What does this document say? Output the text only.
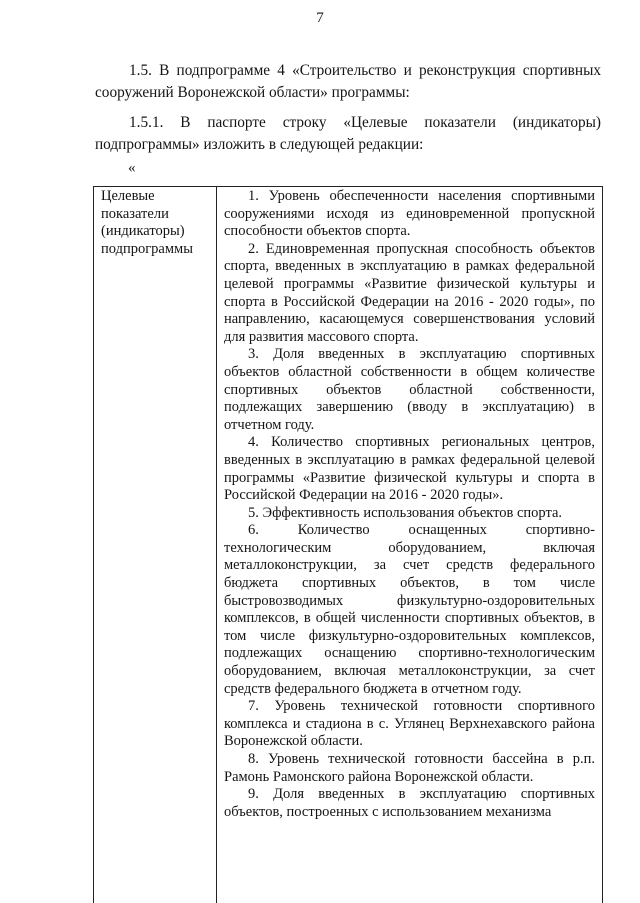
7

1.5. В подпрограмме 4 «Строительство и реконструкция спортивных сооружений Воронежской области» программы:

1.5.1. В паспорте строку «Целевые показатели (индикаторы) подпрограммы» изложить в следующей редакции:

«
Целевые
показатели
(индикаторы)
подпрограммы

1. Уровень обеспеченности населения спортивными сооружениями исходя из единовременной пропускной способности объектов спорта.

2. Единовременная пропускная способность объектов спорта, введенных в эксплуатацию в рамках федеральной целевой программы «Развитие физической культуры и спорта в Российской Федерации на 2016 - 2020 годы», по направлению, касающемуся совершенствования условий для развития массового спорта.

3. Доля введенных в эксплуатацию спортивных объектов областной собственности в общем количестве спортивных объектов областной собственности, подлежащих завершению (вводу в эксплуатацию) в отчетном году.

4. Количество спортивных региональных центров, введенных в эксплуатацию в рамках федеральной целевой программы «Развитие физической культуры и спорта в Российской Федерации на 2016 - 2020 годы».

5. Эффективность использования объектов спорта.

6. Количество оснащенных спортивно-технологическим оборудованием, включая металлоконструкции, за счет средств федерального бюджета спортивных объектов, в том числе быстровозводимых физкультурно-оздоровительных комплексов, в общей численности спортивных объектов, в том числе физкультурно-оздоровительных комплексов, подлежащих оснащению спортивно-технологическим оборудованием, включая металлоконструкции, за счет средств федерального бюджета в отчетном году.

7. Уровень технической готовности спортивного комплекса и стадиона в с. Углянец Верхнехавского района Воронежской области.

8. Уровень технической готовности бассейна в р.п. Рамонь Рамонского района Воронежской области.

9. Доля введенных в эксплуатацию спортивных объектов, построенных с использованием механизма
